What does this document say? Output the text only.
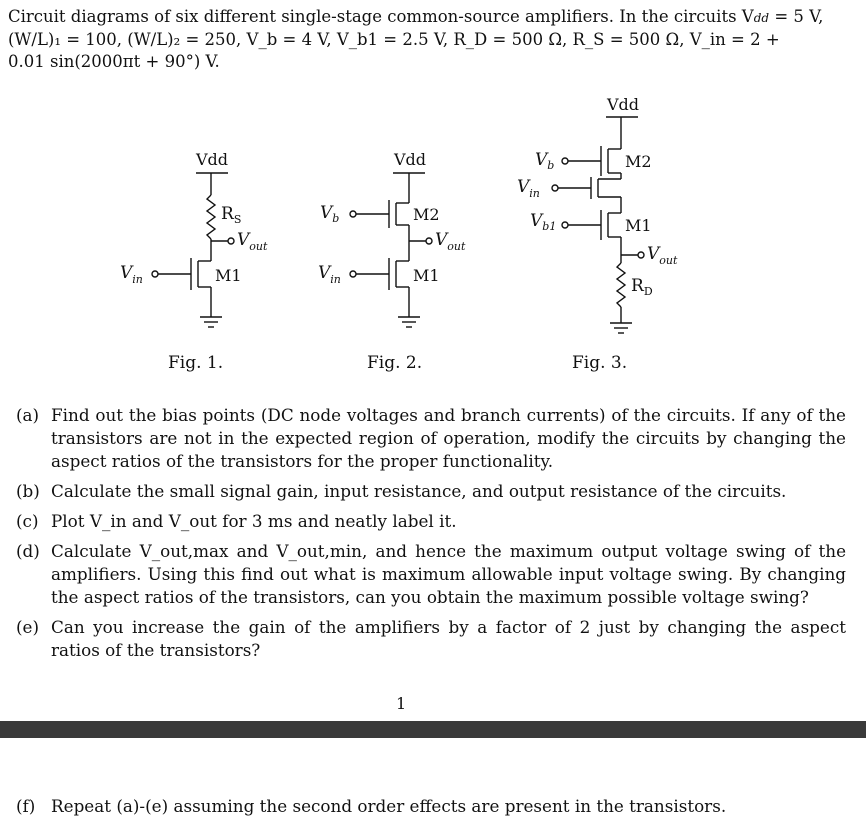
Circuit diagrams of six different single-stage common-source amplifiers. In the circuits Vdd = 5 V,
(W/L)₁ = 100, (W/L)₂ = 250, V_b = 4 V, V_b1 = 2.5 V, R_D = 500 Ω, R_S = 500 Ω, V_in = 2 +
0.01 sin(2000πt + 90°) V.
Vdd
$R_S$
$V_{out}$
$V_{in}$	M1
Vdd
$V_b$	M2
$V_{out}$
$V_{in}$	M1
Vdd
$V_b$	M2
$V_{in}$
$V_{b1}$	M1
$V_{out}$
$R_D$
Fig. 1.	Fig. 2.	Fig. 3.
(a) Find out the bias points (DC node voltages and branch currents) of the circuits. If any of the transistors are not in the expected region of operation, modify the circuits by changing the aspect ratios of the transistors for the proper functionality.
(b) Calculate the small signal gain, input resistance, and output resistance of the circuits.
(c) Plot V_in and V_out for 3 ms and neatly label it.
(d) Calculate V_out,max and V_out,min, and hence the maximum output voltage swing of the amplifiers. Using this find out what is maximum allowable input voltage swing. By changing the aspect ratios of the transistors, can you obtain the maximum possible voltage swing?
(e) Can you increase the gain of the amplifiers by a factor of 2 just by changing the aspect ratios of the transistors?
1
(f) Repeat (a)-(e) assuming the second order effects are present in the transistors.
